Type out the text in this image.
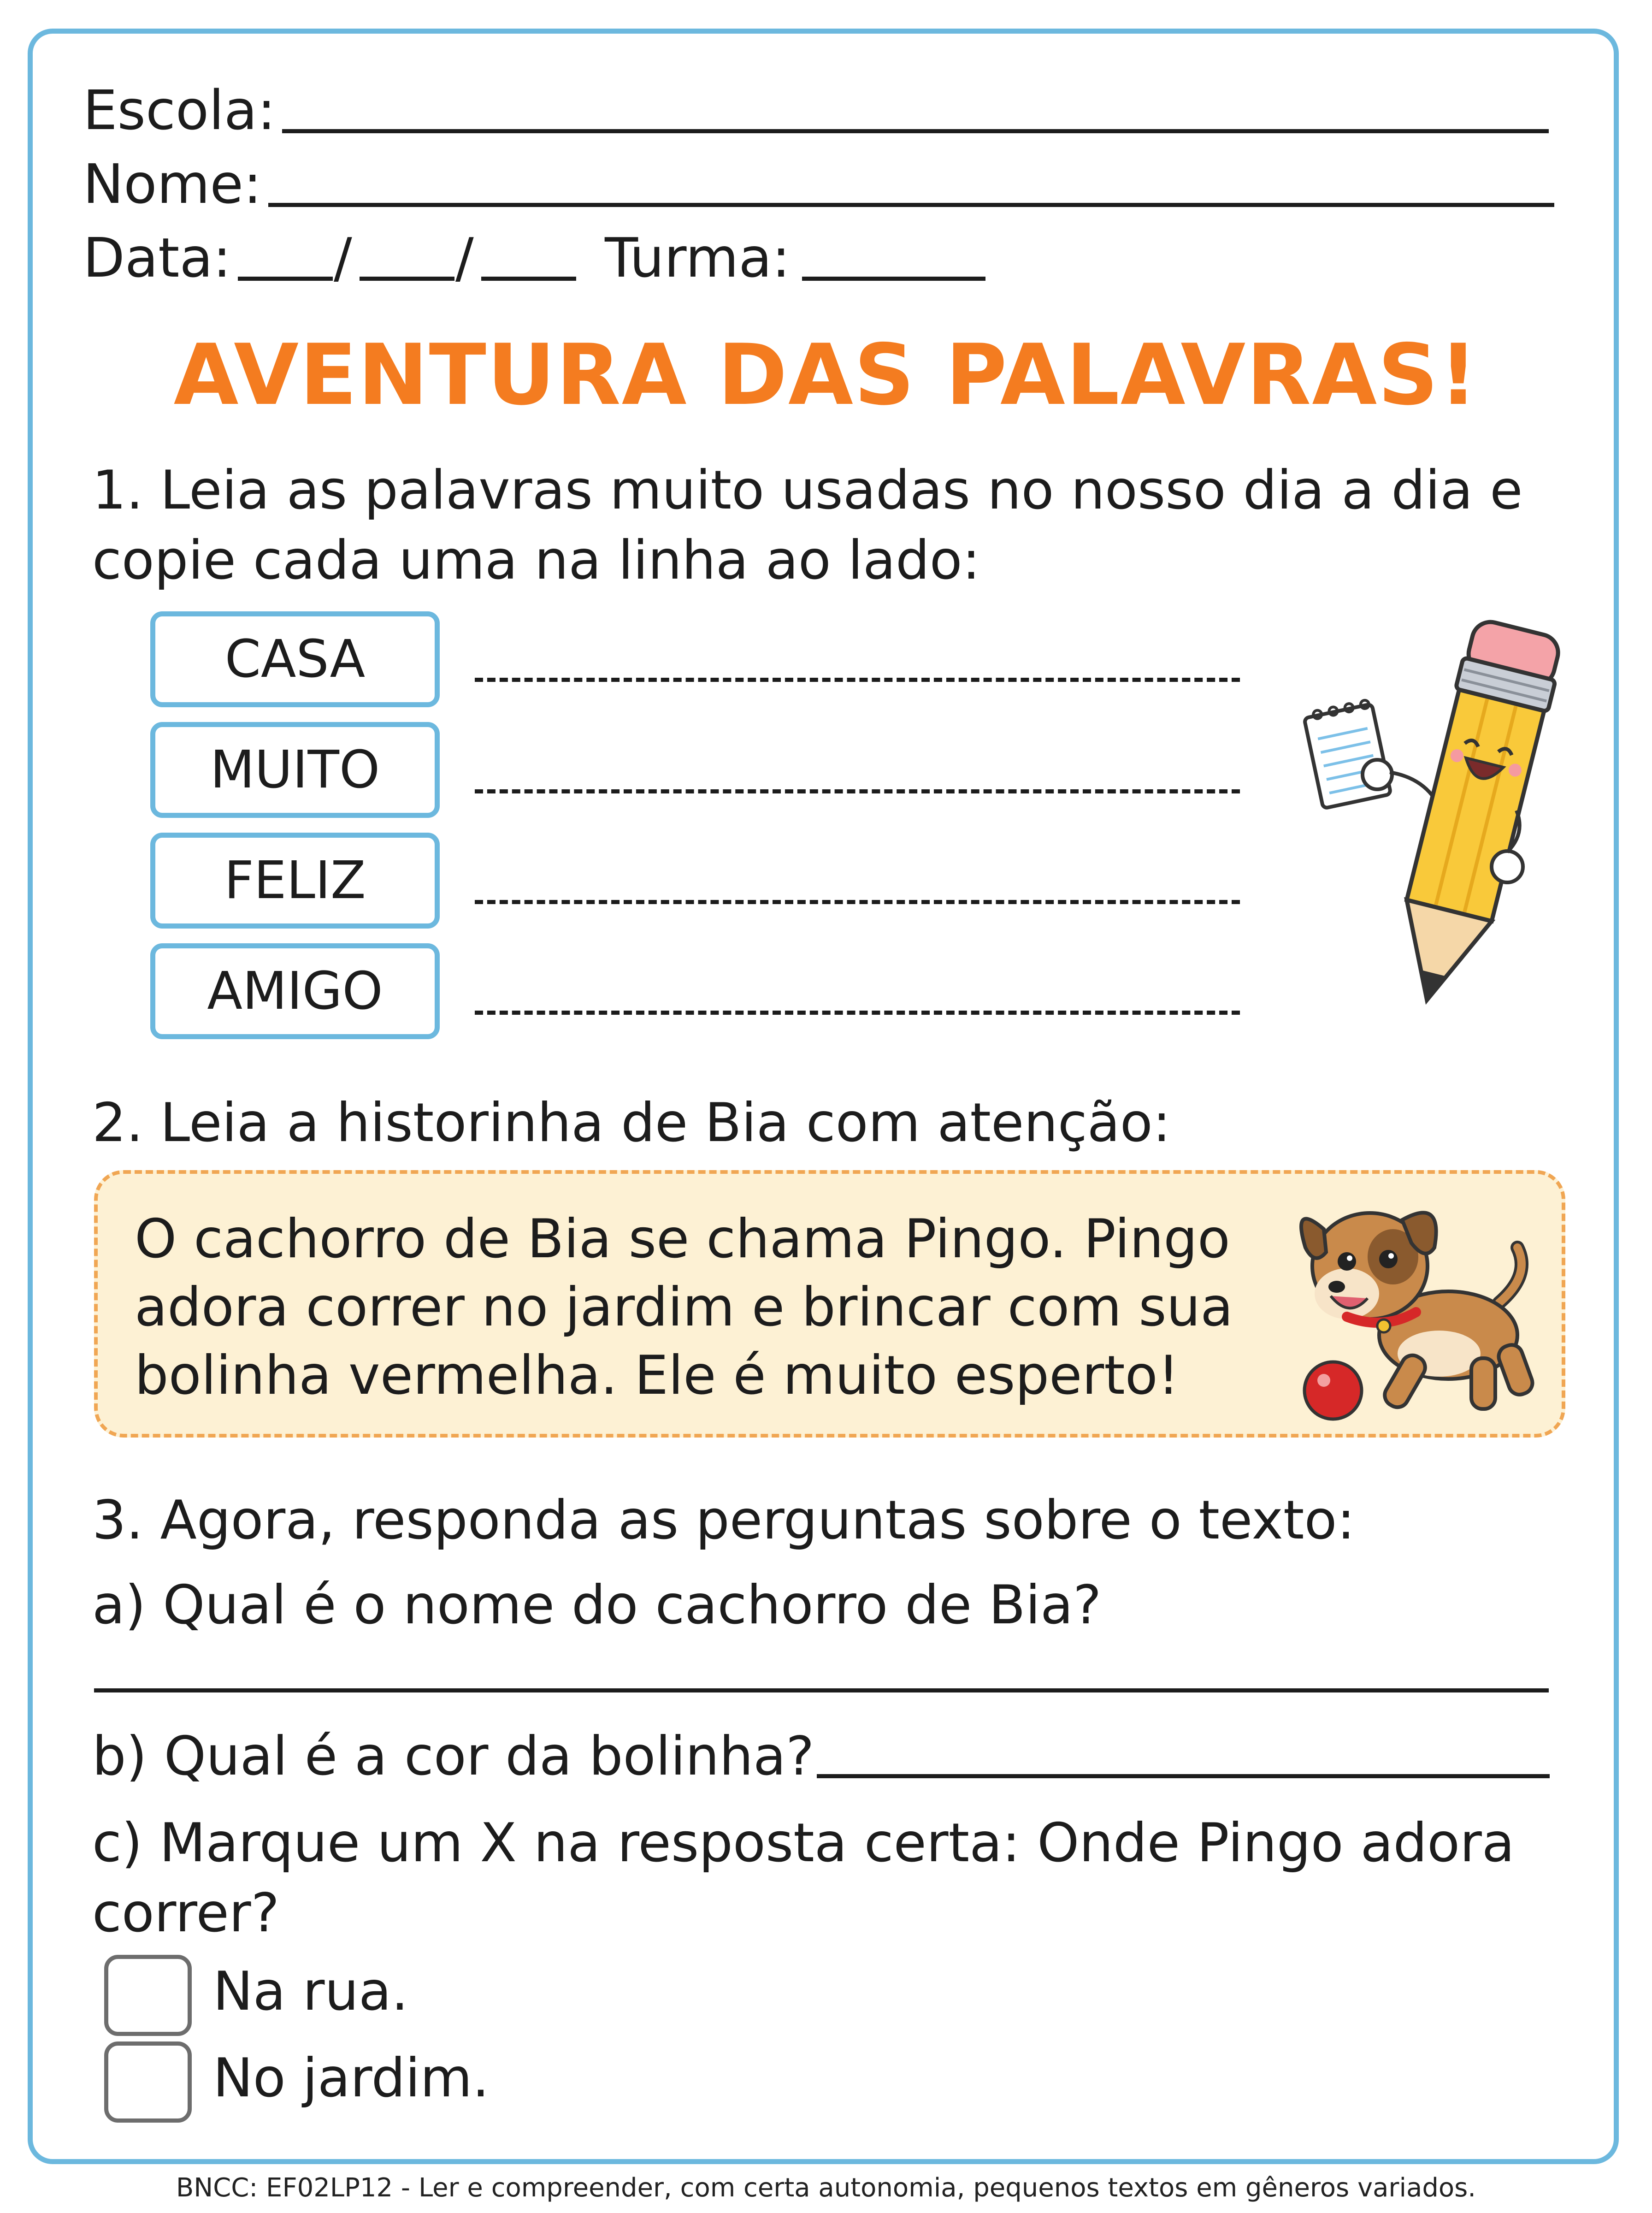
Escola:
Nome:
Data: / / Turma:
AVENTURA DAS PALAVRAS!
1. Leia as palavras muito usadas no nosso dia a dia e
copie cada uma na linha ao lado:
CASA
MUITO
FELIZ
AMIGO
2. Leia a historinha de Bia com atenção:
O cachorro de Bia se chama Pingo. Pingo
adora correr no jardim e brincar com sua
bolinha vermelha. Ele é muito esperto!
3. Agora, responda as perguntas sobre o texto:
a) Qual é o nome do cachorro de Bia?
b) Qual é a cor da bolinha?
c) Marque um X na resposta certa: Onde Pingo adora
correr?
Na rua.
No jardim.
BNCC: EF02LP12 - Ler e compreender, com certa autonomia, pequenos textos em gêneros variados.
